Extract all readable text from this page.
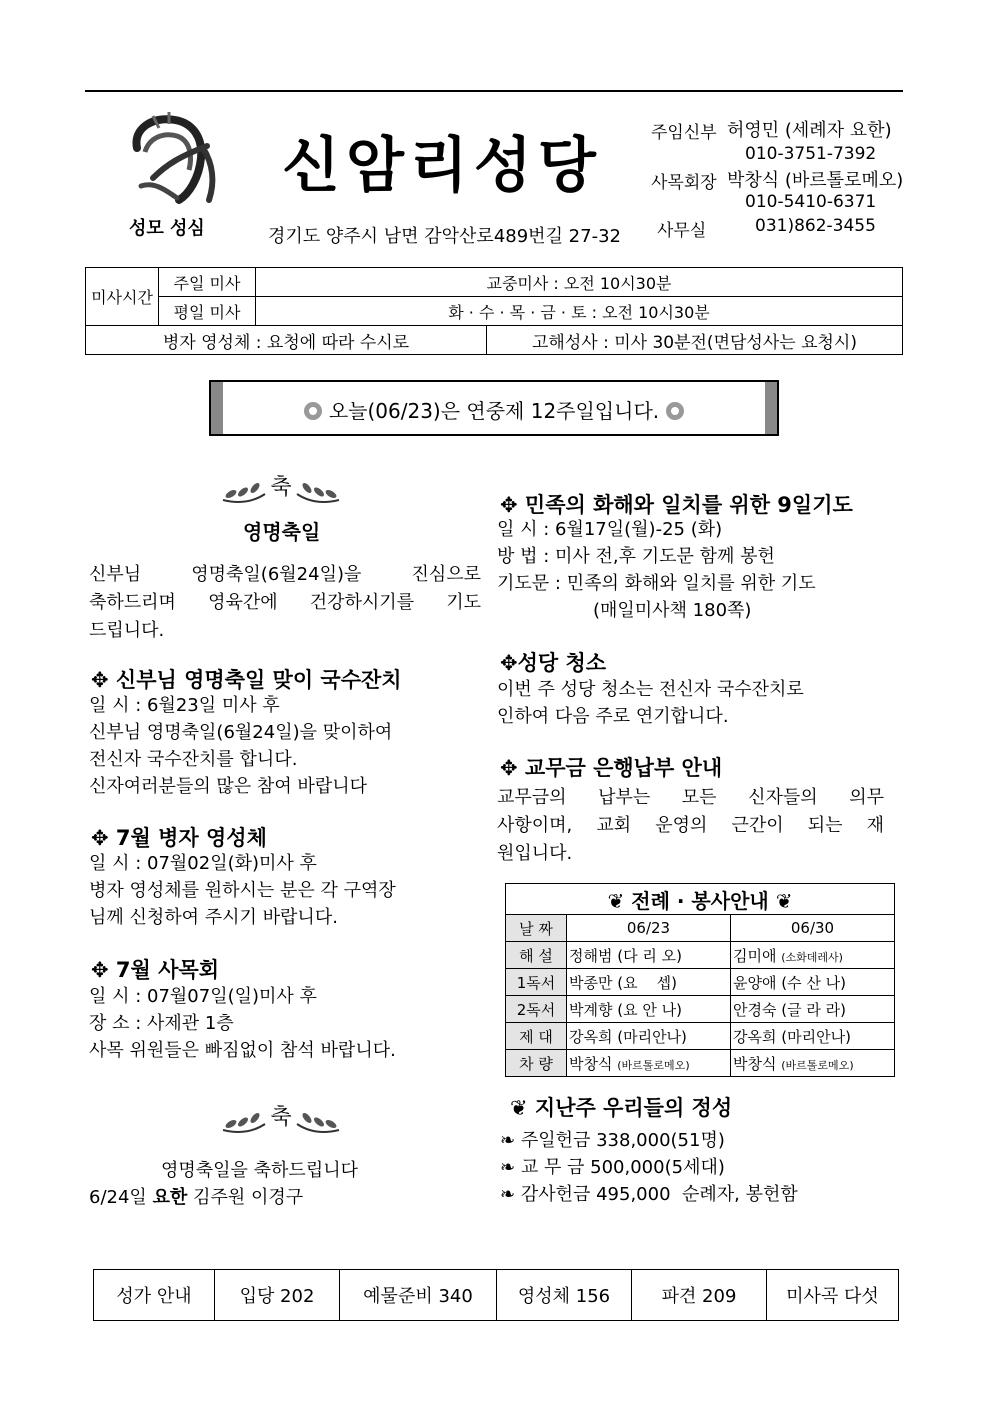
성모 성심
신암리성당
경기도 양주시 남면 감악산로489번길 27-32
주임신부 허영민 (세례자 요한)
010-3751-7392
사목회장 박창식 (바르톨로메오)
010-5410-6371
사무실	031)862-3455
미사시간	주일 미사	교중미사 : 오전 10시30분	
	평일 미사	화 · 수 · 목 · 금 · 토 : 오전 10시30분	
병자 영성체 : 요청에 따라 수시로			고해성사 : 미사 30분전(면담성사는 요청시)
오늘(06/23)은 연중제 12주일입니다.
축
영명축일
신부님 영명축일(6월24일)을 진심으로
축하드리며 영육간에 건강하시기를 기도
드립니다.
✥ 신부님 영명축일 맞이 국수잔치
일 시 : 6월23일 미사 후
신부님 영명축일(6월24일)을 맞이하여
전신자 국수잔치를 합니다.
신자여러분들의 많은 참여 바랍니다
✥ 7월 병자 영성체
일 시 : 07월02일(화)미사 후
병자 영성체를 원하시는 분은 각 구역장
님께 신청하여 주시기 바랍니다.
✥ 7월 사목회
일 시 : 07월07일(일)미사 후
장 소 : 사제관 1층
사목 위원들은 빠짐없이 참석 바랍니다.
축
영명축일을 축하드립니다
6/24일 요한 김주원 이경구
✥ 민족의 화해와 일치를 위한 9일기도
일 시 : 6월17일(월)-25 (화)
방 법 : 미사 전,후 기도문 함께 봉헌
기도문 : 민족의 화해와 일치를 위한 기도
(매일미사책 180쪽)
✥성당 청소
이번 주 성당 청소는 전신자 국수잔치로
인하여 다음 주로 연기합니다.
✥ 교무금 은행납부 안내
교무금의 납부는 모든 신자들의 의무
사항이며, 교회 운영의 근간이 되는 재
원입니다.
❦ 전례 · 봉사안내 ❦		
날 짜	06/23	06/30
해 설	정해범 (다 리 오)	김미애 (소화데레사)
1독서	박종만 (요    셉)	윤양애 (수 산 나)
2독서	박계향 (요 안 나)	안경숙 (글 라 라)
제 대	강옥희 (마리안나)	강옥희 (마리안나)
차 량	박창식 (바르톨로메오)	박창식 (바르톨로메오)
❦ 지난주 우리들의 정성
❧ 주일헌금 338,000(51명)
❧ 교 무 금 500,000(5세대)
❧ 감사헌금 495,000  순례자, 봉헌함
성가 안내	입당 202	예물준비 340	영성체 156	파견 209	미사곡 다섯
